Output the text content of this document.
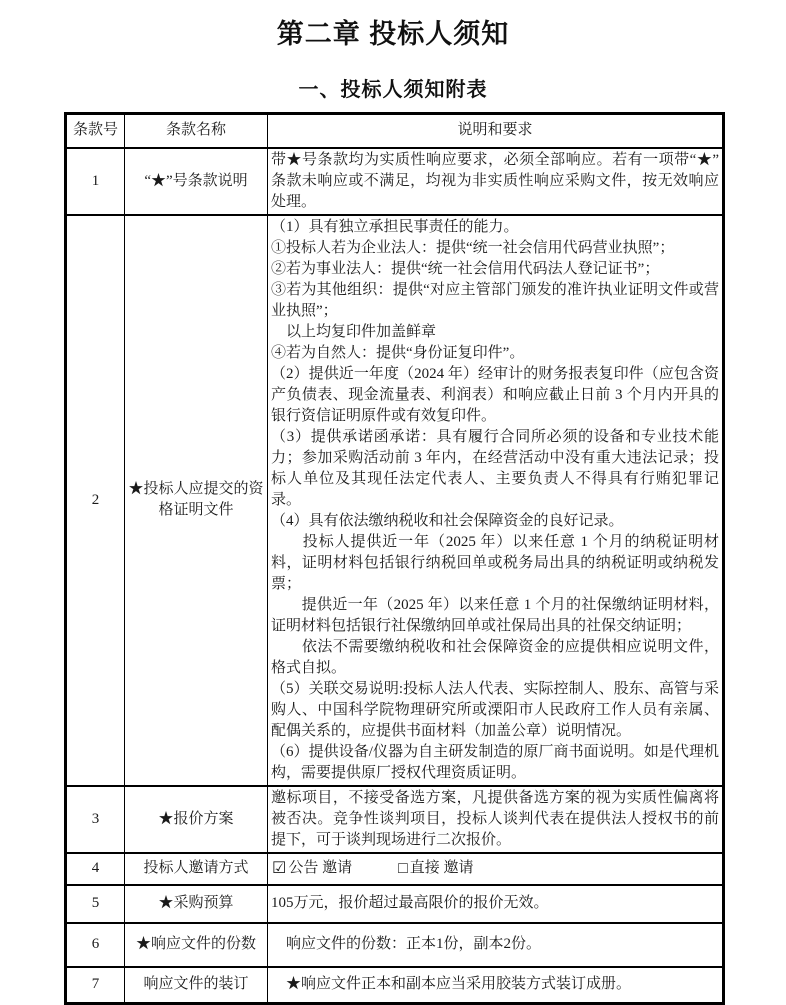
第二章 投标人须知
一、投标人须知附表
条款号	条款名称	说明和要求
1	“★”号条款说明	带★号条款均为实质性响应要求，必须全部响应。若有一项带“★”条款未响应或不满足，均视为非实质性响应采购文件，按无效响应处理。

2	★投标人应提交的资格证明文件	
（1）具有独立承担民事责任的能力。
①投标人若为企业法人：提供“统一社会信用代码营业执照”；
②若为事业法人：提供“统一社会信用代码法人登记证书”；
③若为其他组织：提供“对应主管部门颁发的准许执业证明文件或营业执照”；
　以上均复印件加盖鲜章
④若为自然人：提供“身份证复印件”。
（2）提供近一年度（2024 年）经审计的财务报表复印件（应包含资产负债表、现金流量表、利润表）和响应截止日前 3 个月内开具的银行资信证明原件或有效复印件。
（3）提供承诺函承诺：具有履行合同所必须的设备和专业技术能力；参加采购活动前 3 年内，在经营活动中没有重大违法记录；投标人单位及其现任法定代表人、主要负责人不得具有行贿犯罪记录。
（4）具有依法缴纳税收和社会保障资金的良好记录。
　　投标人提供近一年（2025 年）以来任意 1 个月的纳税证明材料，证明材料包括银行纳税回单或税务局出具的纳税证明或纳税发票；
　　提供近一年（2025 年）以来任意 1 个月的社保缴纳证明材料，证明材料包括银行社保缴纳回单或社保局出具的社保交纳证明；
　　依法不需要缴纳税收和社会保障资金的应提供相应说明文件，格式自拟。
（5）关联交易说明:投标人法人代表、实际控制人、股东、高管与采购人、中国科学院物理研究所或溧阳市人民政府工作人员有亲属、配偶关系的，应提供书面材料（加盖公章）说明情况。
（6）提供设备/仪器为自主研发制造的原厂商书面说明。如是代理机构，需要提供原厂授权代理资质证明。

3	★报价方案	邀标项目，不接受备选方案，凡提供备选方案的视为实质性偏离将被否决。竞争性谈判项目，投标人谈判代表在提供法人授权书的前提下，可于谈判现场进行二次报价。

4	投标人邀请方式	☑ 公告 邀请 □ 直接 邀请

5	★采购预算	105万元，报价超过最高限价的报价无效。

6	★响应文件的份数	　响应文件的份数：正本1份，副本2份。

7	响应文件的装订	　★响应文件正本和副本应当采用胶装方式装订成册。
